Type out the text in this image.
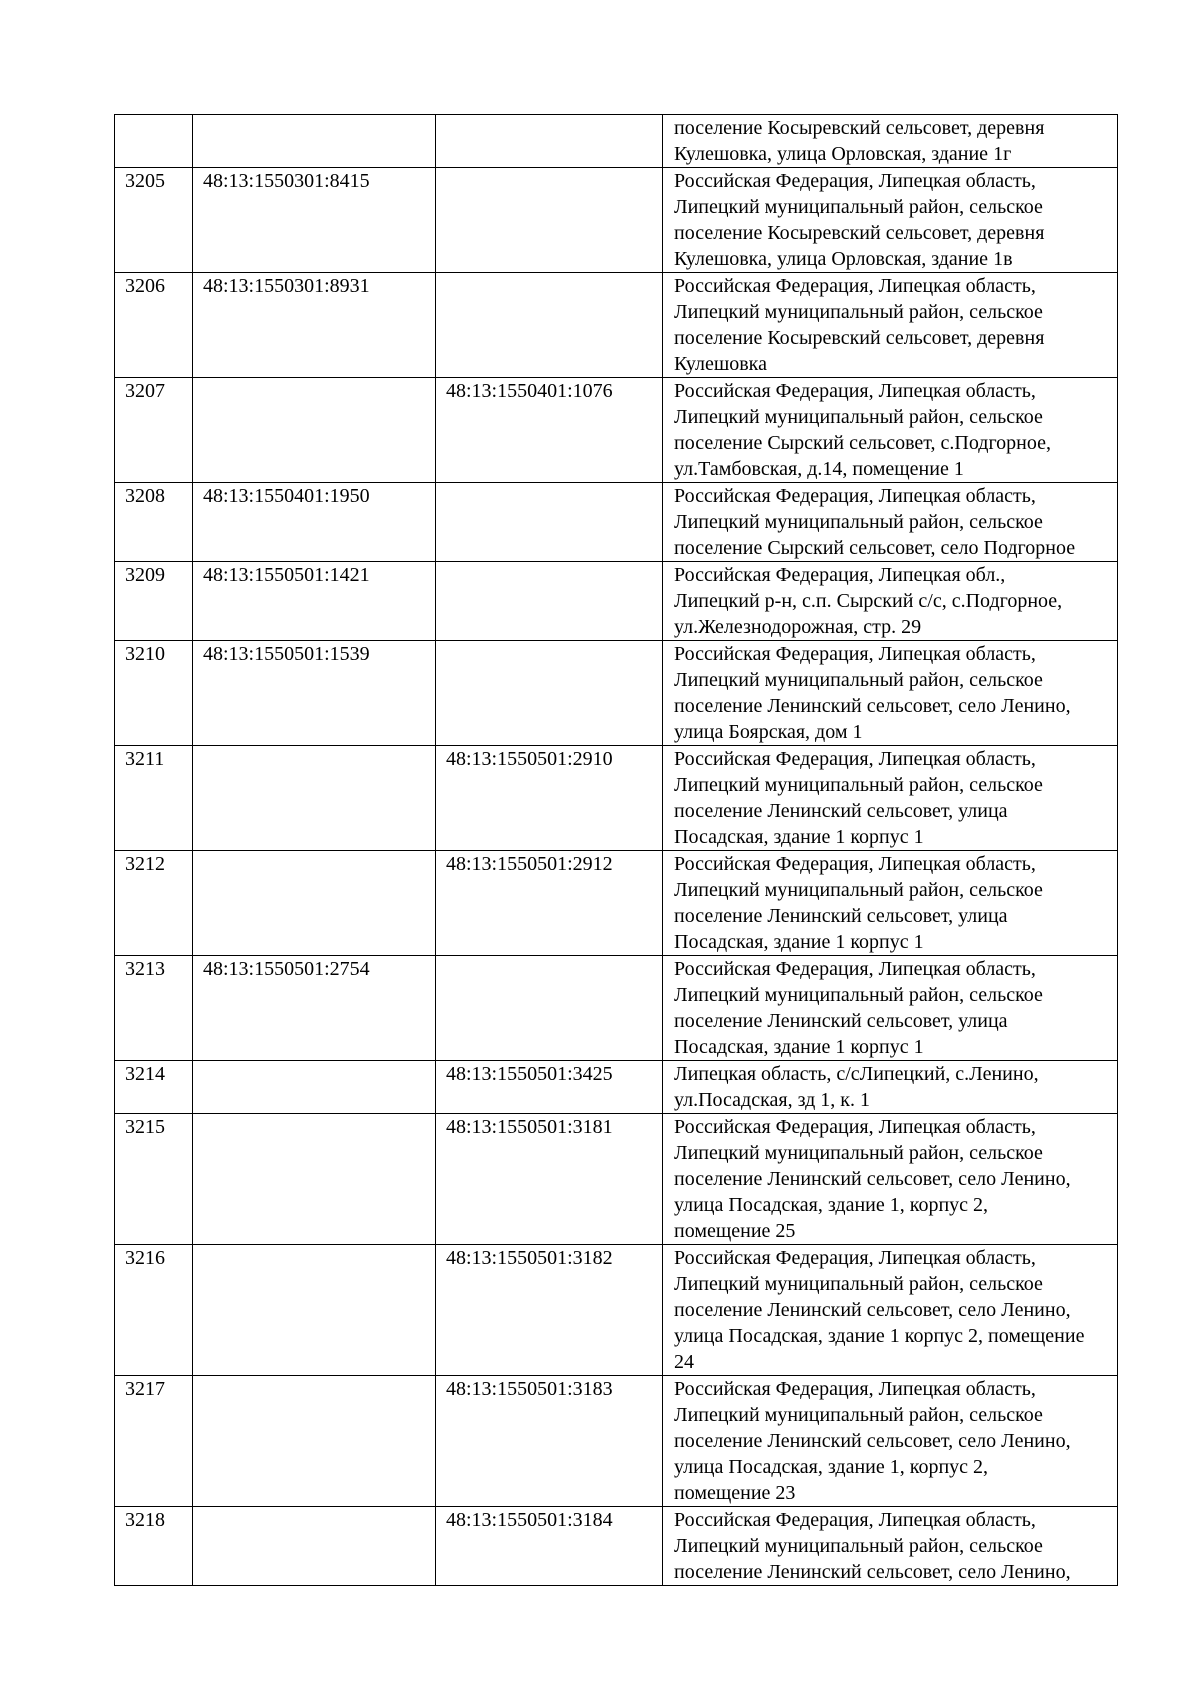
			поселение Косыревский сельсовет, деревня
Кулешовка, улица Орловская, здание 1г

3205	48:13:1550301:8415		Российская Федерация, Липецкая область,
Липецкий муниципальный район, сельское
поселение Косыревский сельсовет, деревня
Кулешовка, улица Орловская, здание 1в

3206	48:13:1550301:8931		Российская Федерация, Липецкая область,
Липецкий муниципальный район, сельское
поселение Косыревский сельсовет, деревня
Кулешовка

3207		48:13:1550401:1076	Российская Федерация, Липецкая область,
Липецкий муниципальный район, сельское
поселение Сырский сельсовет, с.Подгорное,
ул.Тамбовская, д.14, помещение 1

3208	48:13:1550401:1950		Российская Федерация, Липецкая область,
Липецкий муниципальный район, сельское
поселение Сырский сельсовет, село Подгорное

3209	48:13:1550501:1421		Российская Федерация, Липецкая обл.,
Липецкий р-н, с.п. Сырский с/с, с.Подгорное,
ул.Железнодорожная, стр. 29

3210	48:13:1550501:1539		Российская Федерация, Липецкая область,
Липецкий муниципальный район, сельское
поселение Ленинский сельсовет, село Ленино,
улица Боярская, дом 1

3211		48:13:1550501:2910	Российская Федерация, Липецкая область,
Липецкий муниципальный район, сельское
поселение Ленинский сельсовет, улица
Посадская, здание 1 корпус 1

3212		48:13:1550501:2912	Российская Федерация, Липецкая область,
Липецкий муниципальный район, сельское
поселение Ленинский сельсовет, улица
Посадская, здание 1 корпус 1

3213	48:13:1550501:2754		Российская Федерация, Липецкая область,
Липецкий муниципальный район, сельское
поселение Ленинский сельсовет, улица
Посадская, здание 1 корпус 1

3214		48:13:1550501:3425	Липецкая область, с/сЛипецкий, с.Ленино,
ул.Посадская, зд 1, к. 1

3215		48:13:1550501:3181	Российская Федерация, Липецкая область,
Липецкий муниципальный район, сельское
поселение Ленинский сельсовет, село Ленино,
улица Посадская, здание 1, корпус 2,
помещение 25

3216		48:13:1550501:3182	Российская Федерация, Липецкая область,
Липецкий муниципальный район, сельское
поселение Ленинский сельсовет, село Ленино,
улица Посадская, здание 1 корпус 2, помещение
24

3217		48:13:1550501:3183	Российская Федерация, Липецкая область,
Липецкий муниципальный район, сельское
поселение Ленинский сельсовет, село Ленино,
улица Посадская, здание 1, корпус 2,
помещение 23

3218		48:13:1550501:3184	Российская Федерация, Липецкая область,
Липецкий муниципальный район, сельское
поселение Ленинский сельсовет, село Ленино,
